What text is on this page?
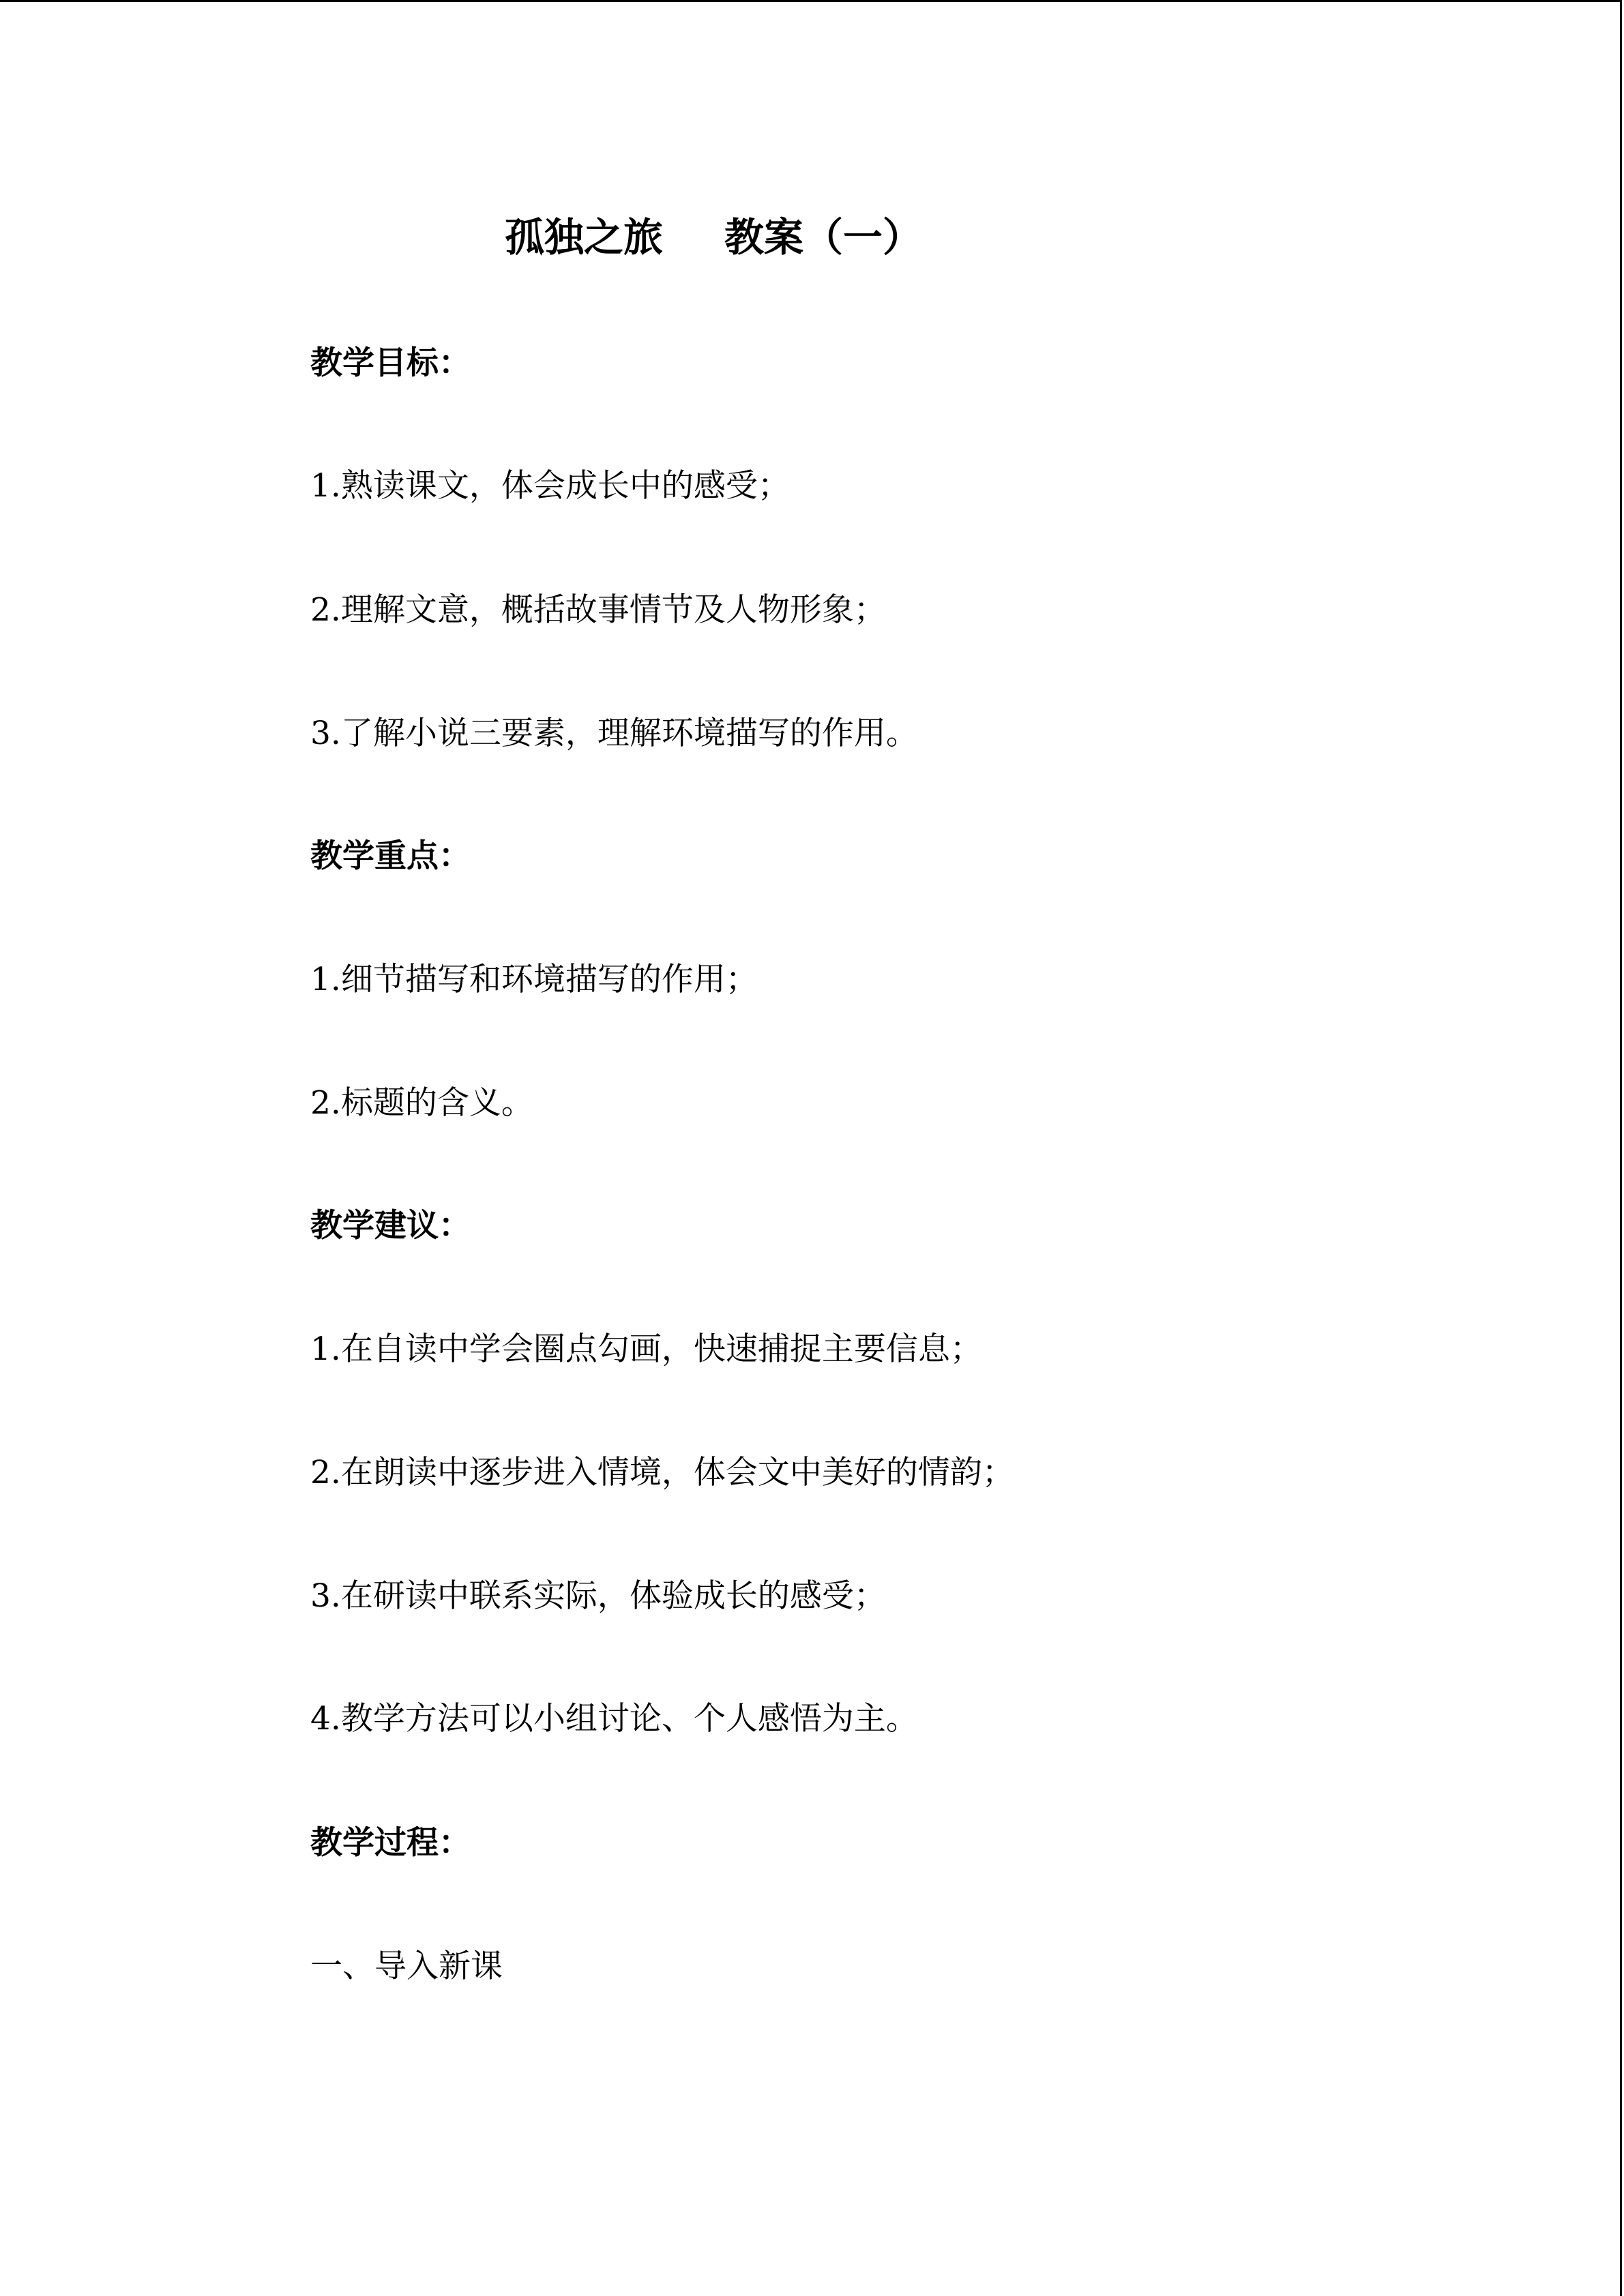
孤独之旅 教案（一）

教学目标：

1.熟读课文，体会成长中的感受；

2.理解文意，概括故事情节及人物形象；

3.了解小说三要素，理解环境描写的作用。

教学重点：

1.细节描写和环境描写的作用；

2.标题的含义。

教学建议：

1.在自读中学会圈点勾画，快速捕捉主要信息；

2.在朗读中逐步进入情境，体会文中美好的情韵；

3.在研读中联系实际，体验成长的感受；

4.教学方法可以小组讨论、个人感悟为主。

教学过程：

一、导入新课
